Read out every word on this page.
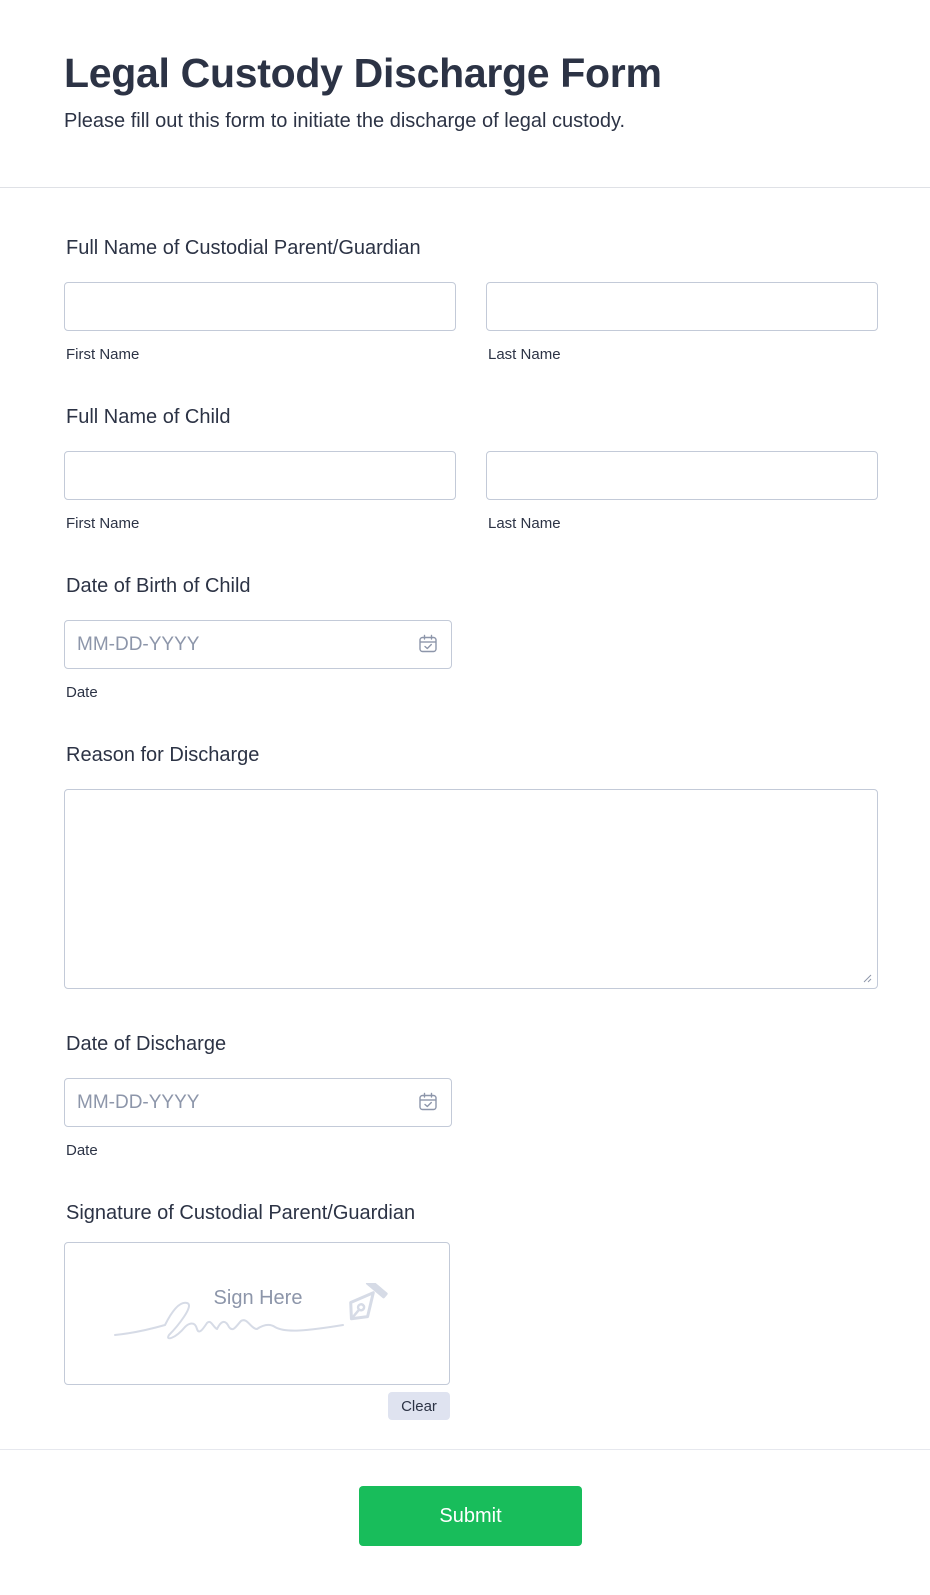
Legal Custody Discharge Form

Please fill out this form to initiate the discharge of legal custody.

Full Name of Custodial Parent/Guardian
First Name	Last Name
Full Name of Child
First Name	Last Name
Date of Birth of Child
MM-DD-YYYY
Date
Reason for Discharge
Date of Discharge
MM-DD-YYYY
Date
Signature of Custodial Parent/Guardian
Sign Here
Clear
Submit
